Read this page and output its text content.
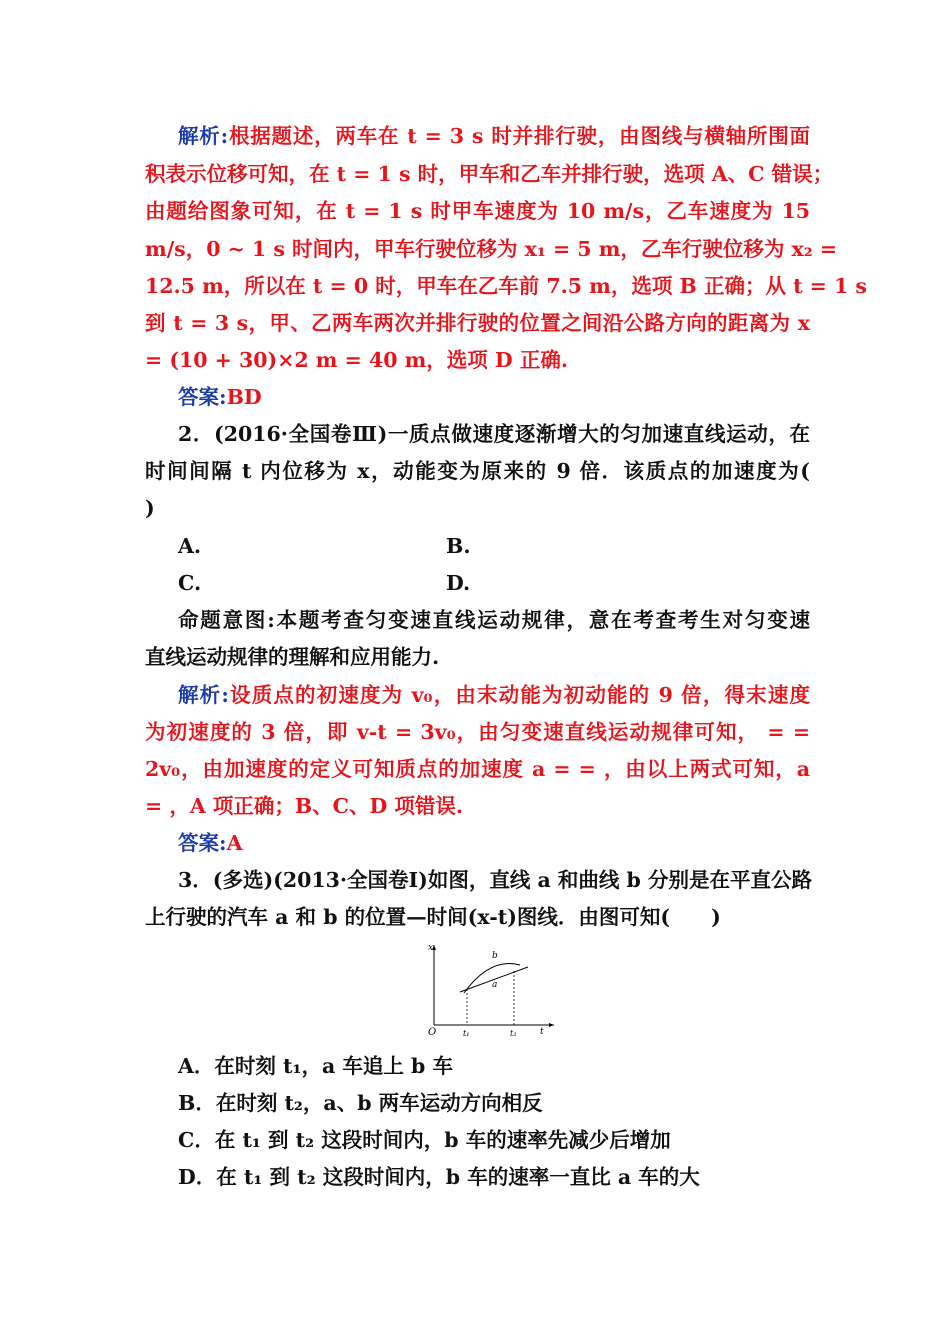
解析:根据题述，两车在 t = 3 s 时并排行驶，由图线与横轴所围面
积表示位移可知，在 t = 1 s 时，甲车和乙车并排行驶，选项 A、C 错误；
由题给图象可知，在 t = 1 s 时甲车速度为 10 m/s，乙车速度为 15
m/s，0 ~ 1 s 时间内，甲车行驶位移为 x₁ = 5 m，乙车行驶位移为 x₂ =
12.5 m，所以在 t = 0 时，甲车在乙车前 7.5 m，选项 B 正确；从 t = 1 s
到 t = 3 s，甲、乙两车两次并排行驶的位置之间沿公路方向的距离为 x
= (10 + 30)×2 m = 40 m，选项 D 正确.
答案:BD
2．(2016·全国卷Ⅲ)一质点做速度逐渐增大的匀加速直线运动，在
时间间隔 t 内位移为 x，动能变为原来的 9 倍．该质点的加速度为(
)
A.	B.
C.	D.
命题意图:本题考查匀变速直线运动规律，意在考查考生对匀变速
直线运动规律的理解和应用能力.
解析:设质点的初速度为 v₀，由末动能为初动能的 9 倍，得末速度
为初速度的 3 倍，即 v-t = 3v₀，由匀变速直线运动规律可知， = =
2v₀，由加速度的定义可知质点的加速度 a = = ，由以上两式可知，a
= ，A 项正确；B、C、D 项错误.
答案:A
3．(多选)(2013·全国卷Ⅰ)如图，直线 a 和曲线 b 分别是在平直公路
上行驶的汽车 a 和 b 的位置—时间(x-t)图线．由图可知(　　)
x
b
a
O	t₁	t₂	t
A．在时刻 t₁，a 车追上 b 车
B．在时刻 t₂，a、b 两车运动方向相反
C．在 t₁ 到 t₂ 这段时间内，b 车的速率先减少后增加
D．在 t₁ 到 t₂ 这段时间内，b 车的速率一直比 a 车的大
